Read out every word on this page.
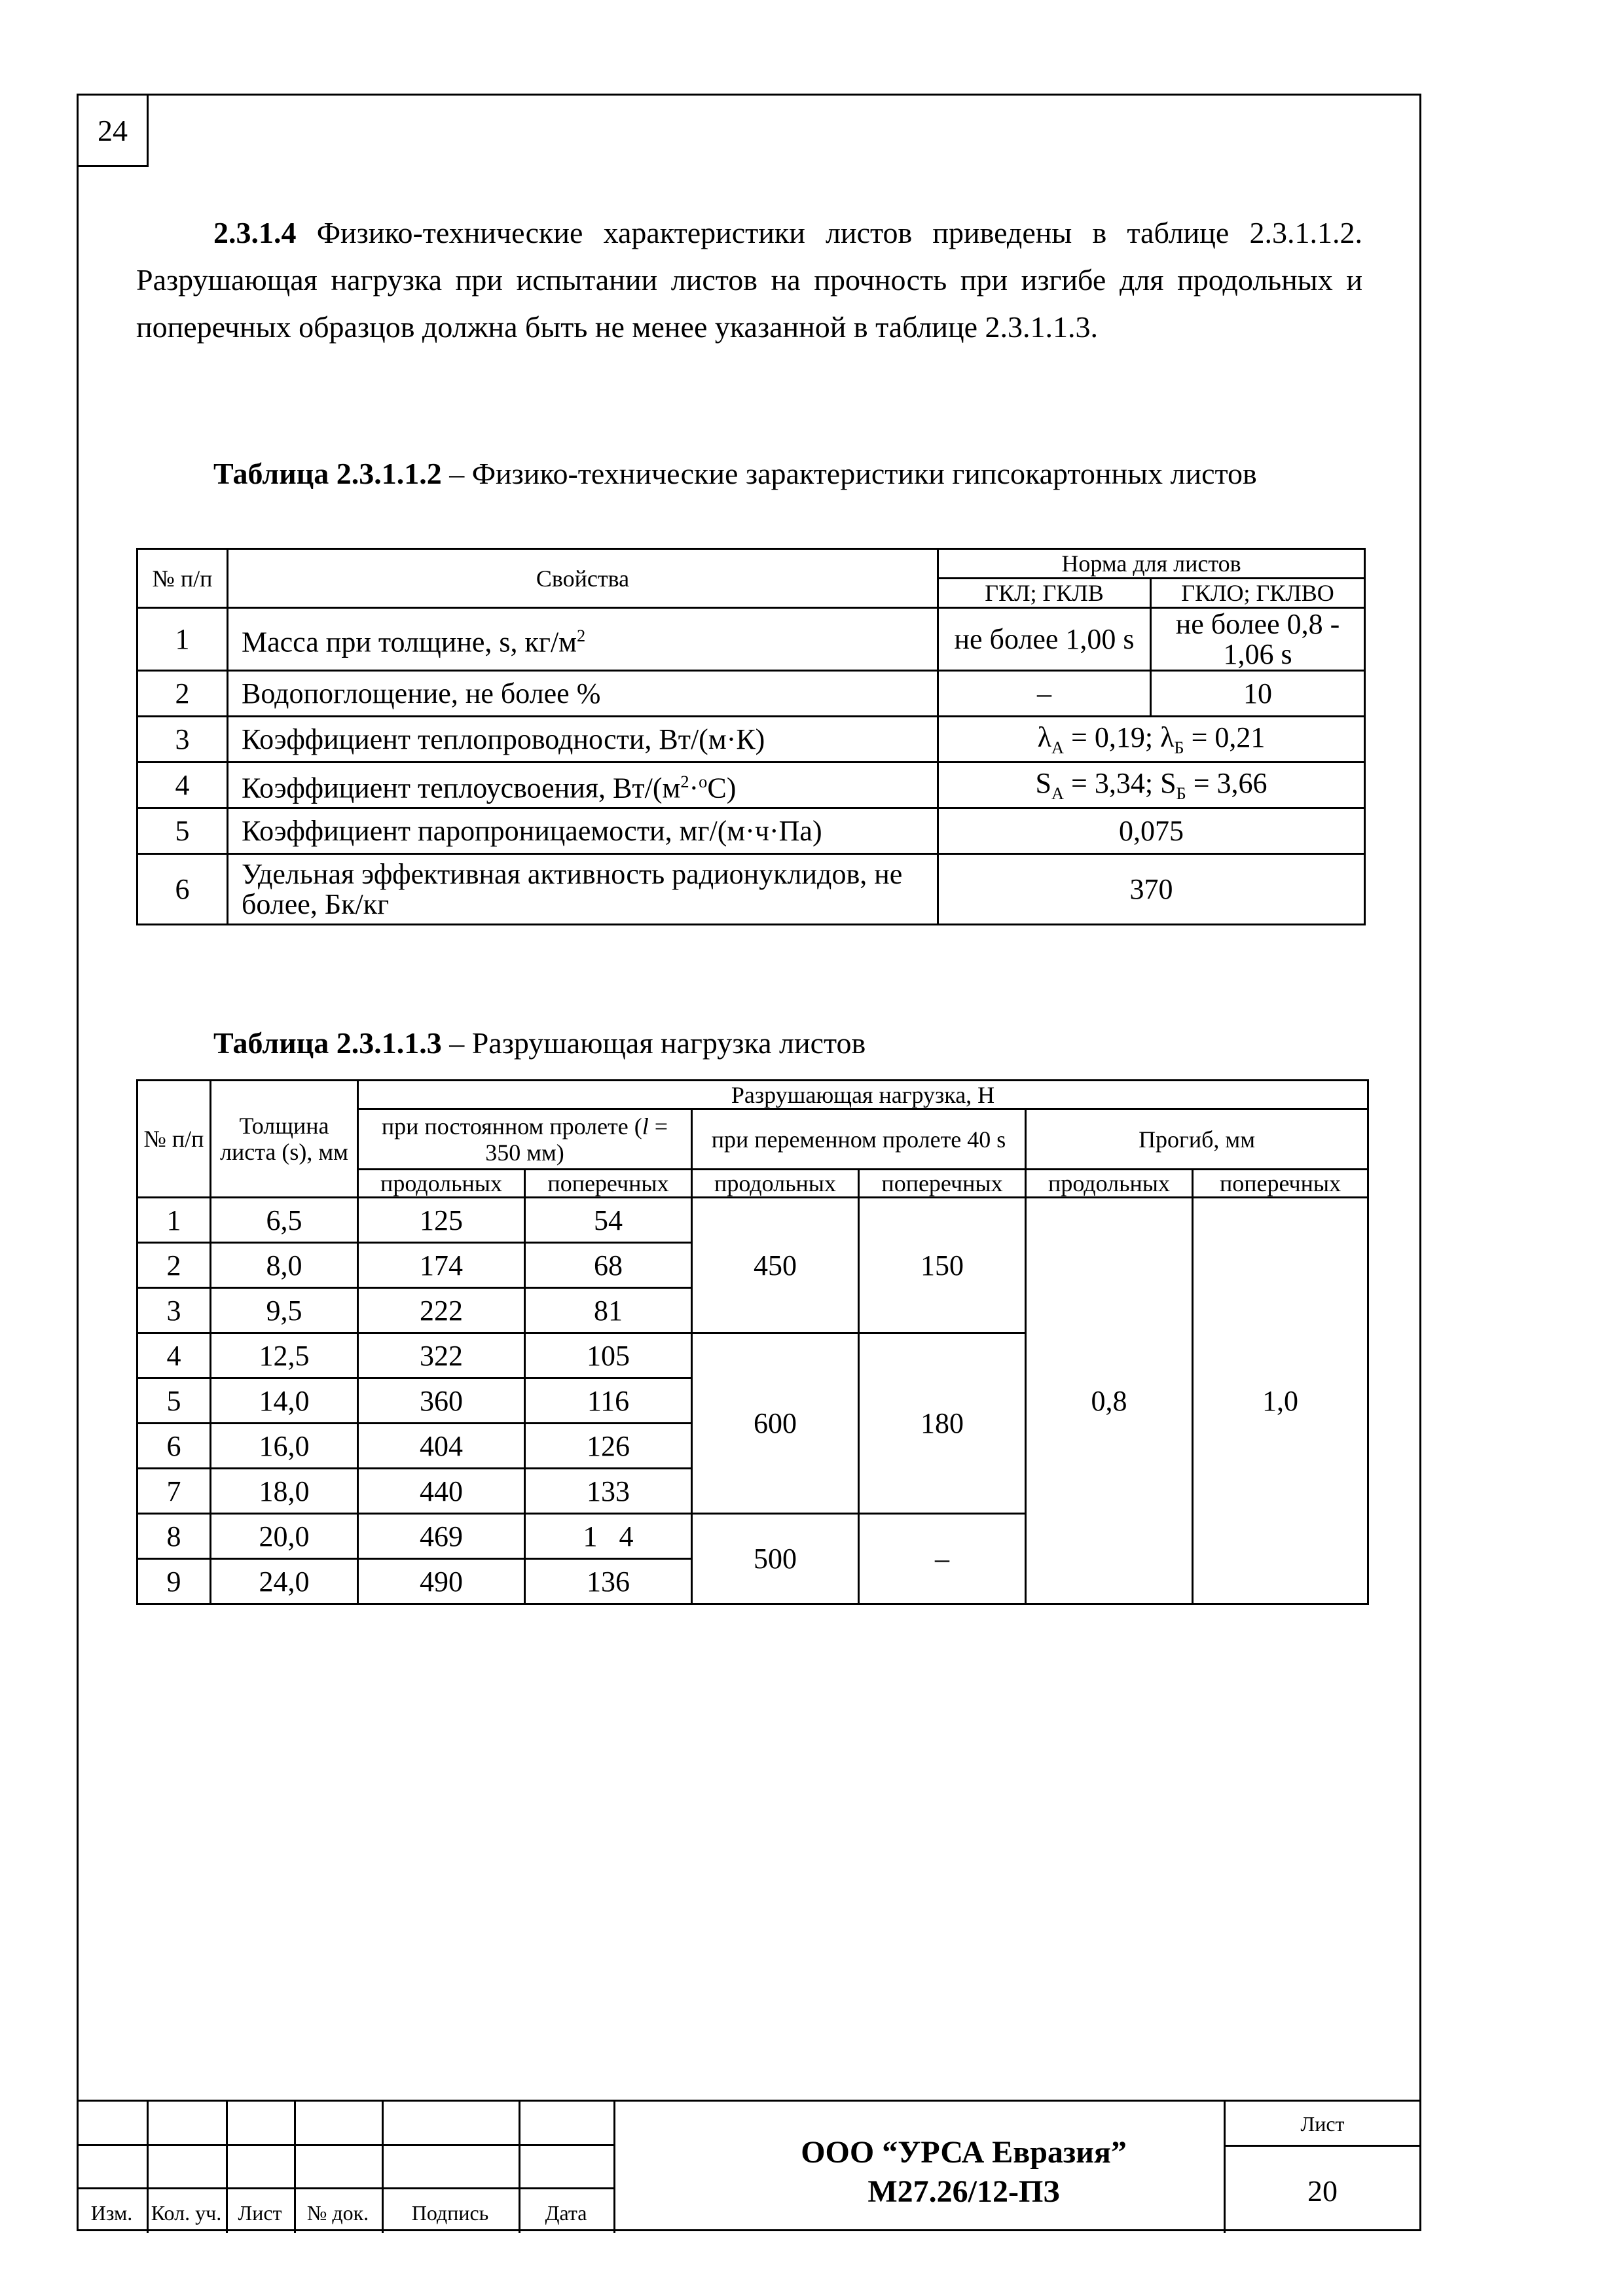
24
2.3.1.4 Физико-технические характеристики листов приведены в таблице 2.3.1.1.2. Разрушающая нагрузка при испытании листов на прочность при изгибе для продольных и поперечных образцов должна быть не менее указанной в таблице 2.3.1.1.3.

Таблица 2.3.1.1.2 – Физико-технические зарактеристики гипсокартонных листов

№ п/п	Свойства	Норма для листов	
		ГКЛ; ГКЛВ	ГКЛО; ГКЛВО
1	Масса при толщине, s, $кг/м^2$	не более 1,00 s	не более 0,8 - 1,06 s
2	Водопоглощение, не более %	–	10
3	Коэффициент теплопроводности, Вт/(м·К)	$\lambda_А = 0,19$; $\lambda_Б = 0,21$	
4	Коэффициент теплоусвоения, $Вт/(м^2\cdot^оС)$	$S_А = 3,34$; $S_Б = 3,66$	
5	Коэффициент паропроницаемости, мг/(м·ч·Па)	0,075	
6	Удельная эффективная активность радионуклидов, не более, Бк/кг	370	

Таблица 2.3.1.1.3 – Разрушающая нагрузка листов

№ п/п	Толщина листа (s), мм	Разрушающая нагрузка, Н					
		при постоянном пролете (l = 350 мм)		при переменном пролете 40 s		Прогиб, мм	
		продольных	поперечных	продольных	поперечных	продольных	поперечных
1	6,5	125	54	450	150	0,8	1,0
2	8,0	174	68				
3	9,5	222	81				
4	12,5	322	105	600	180		
5	14,0	360	116				
6	16,0	404	126				
7	18,0	440	133				
8	20,0	469	1   4	500	–		
9	24,0	490	136				
Изм. Кол. уч. Лист	№ док.	Подпись	Дата
ООО “УРСА Евразия”
М27.26/12-ПЗ
Лист
20
